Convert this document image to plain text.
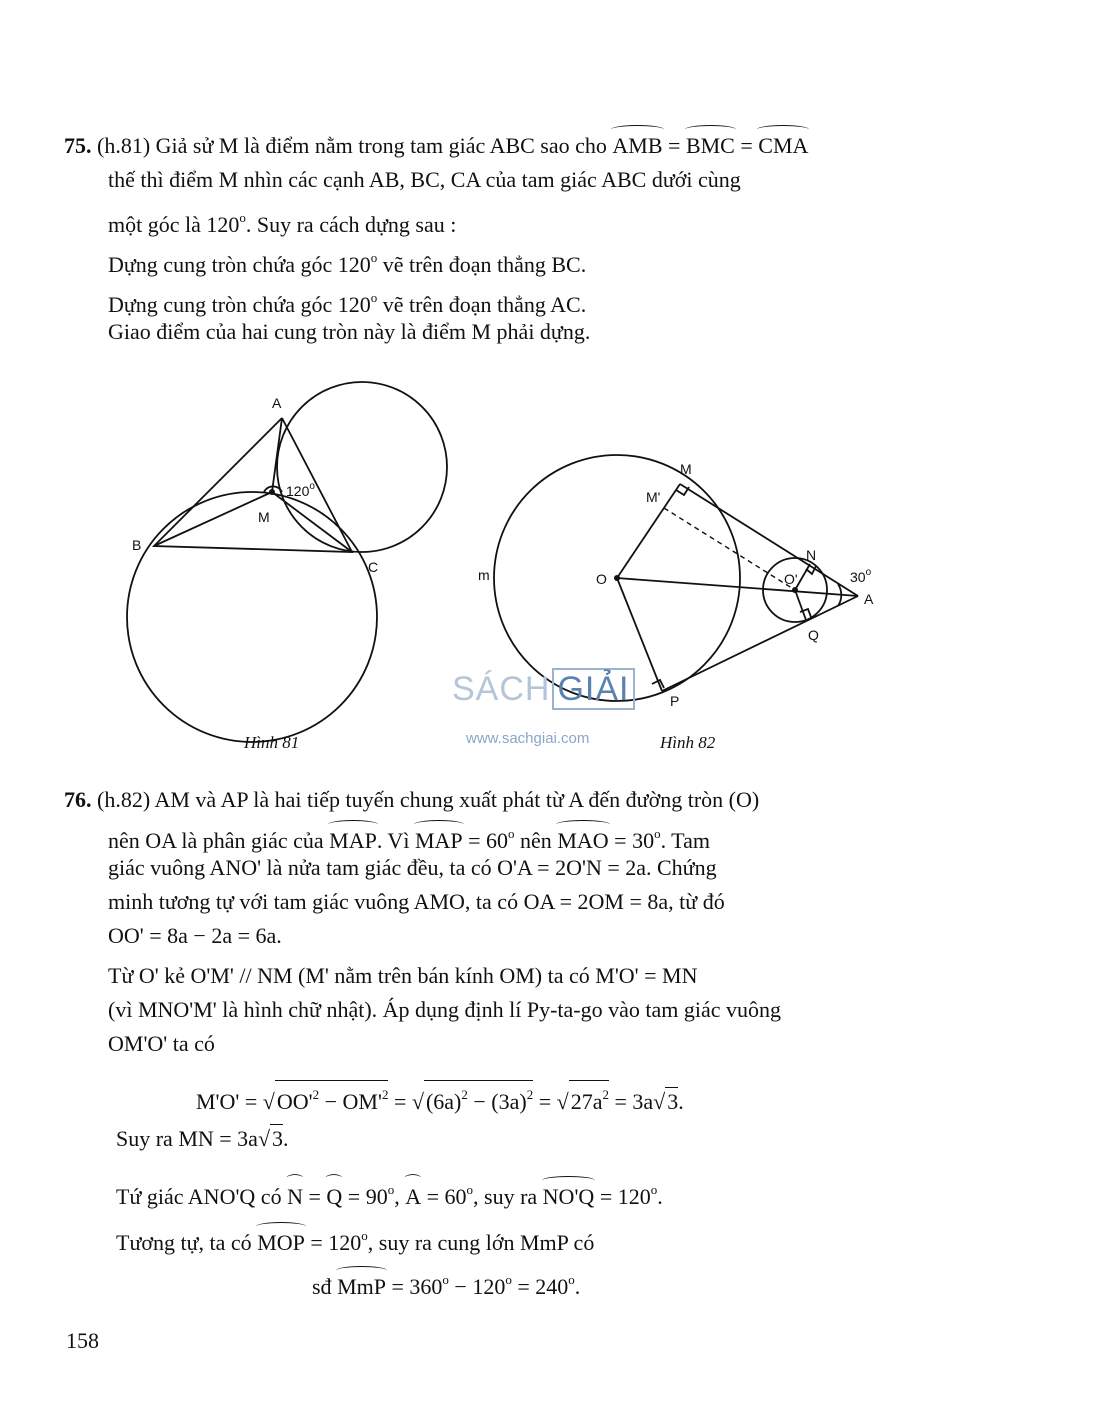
75. (h.81) Giả sử M là điểm nằm trong tam giác ABC sao cho AMB = BMC = CMA
thế thì điểm M nhìn các cạnh AB, BC, CA của tam giác ABC dưới cùng
một góc là 120$^o$. Suy ra cách dựng sau :
Dựng cung tròn chứa góc 120$^o$ vẽ trên đoạn thẳng BC.
Dựng cung tròn chứa góc 120$^o$ vẽ trên đoạn thẳng AC.
Giao điểm của hai cung tròn này là điểm M phải dựng.
A
B
C
M
120$^o$
M
M'
N
O	O'
A
Q
P
m	30$^o$
SÁCH GIẢI
www.sachgiai.com
Hình 81	Hình 82
76. (h.82) AM và AP là hai tiếp tuyến chung xuất phát từ A đến đường tròn (O)
nên OA là phân giác của MAP. Vì MAP = $60^o$ nên MAO = $30^o$. Tam
giác vuông ANO' là nửa tam giác đều, ta có O'A = 2O'N = 2a. Chứng
minh tương tự với tam giác vuông AMO, ta có OA = 2OM = 8a, từ đó
OO' = 8a − 2a = 6a.
Từ O' kẻ O'M' // NM (M' nằm trên bán kính OM) ta có M'O' = MN
(vì MNO'M' là hình chữ nhật). Áp dụng định lí Py-ta-go vào tam giác vuông
OM'O' ta có
$M'O' = √OO'^2 - OM'^2 = √(6a)^2 - (3a)^2 = √27a^2 = 3a√3$.
Suy ra MN = 3a√3.
Tứ giác ANO'Q có ⌒ N = ⌒ $Q = 90^o$, ⌒ $A = 60^o$, suy ra $NO'Q = 120^o$.
Tương tự, ta có MOP = $120^o$, suy ra cung lớn MmP có
sđ MmP = $360^o - 120^o = 240^o$.
158
